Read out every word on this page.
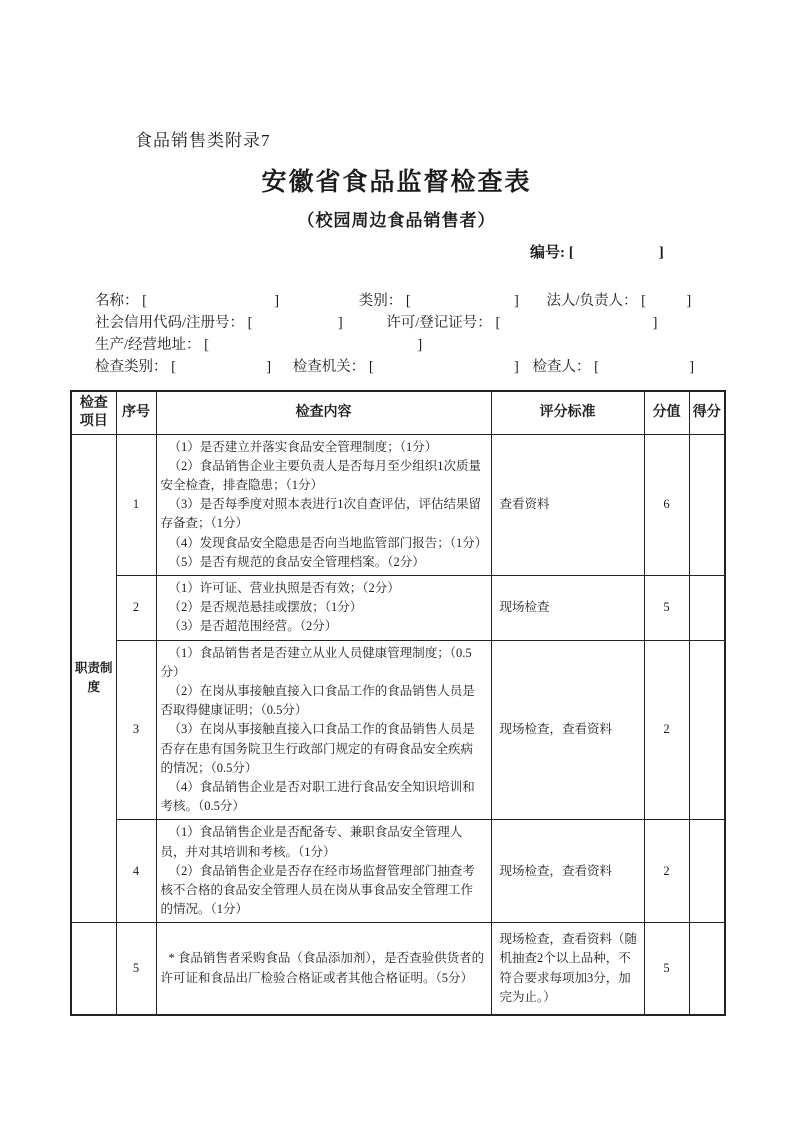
食品销售类附录7
安徽省食品监督检查表
（校园周边食品销售者）
编号: [	]
名称： [	]	类别： [	] 法人/负责人： [	]
社会信用代码/注册号： [	]	许可/登记证号： [	]
生产/经营地址： [	]
检查类别： [	] 检查机关： [	] 检查人： [	]
检查项目	序号	检查内容	评分标准	分值	得分
职责制度	1	（1）是否建立并落实食品安全管理制度；（1分）
（2）食品销售企业主要负责人是否每月至少组织1次质量安全检查，排查隐患；（1分）
（3）是否每季度对照本表进行1次自查评估，评估结果留存备查；（1分）
（4）发现食品安全隐患是否向当地监管部门报告；（1分）
（5）是否有规范的食品安全管理档案。（2分）	查看资料	6	
	2	（1）许可证、营业执照是否有效；（2分）
（2）是否规范悬挂或摆放；（1分）
（3）是否超范围经营。（2分）	现场检查	5	
	3	（1）食品销售者是否建立从业人员健康管理制度；（0.5分）
（2）在岗从事接触直接入口食品工作的食品销售人员是否取得健康证明；（0.5分）
（3）在岗从事接触直接入口食品工作的食品销售人员是否存在患有国务院卫生行政部门规定的有碍食品安全疾病的情况；（0.5分）
（4）食品销售企业是否对职工进行食品安全知识培训和考核。（0.5分）	现场检查，查看资料	2	
	4	（1）食品销售企业是否配备专、兼职食品安全管理人员，并对其培训和考核。（1分）
（2）食品销售企业是否存在经市场监督管理部门抽查考核不合格的食品安全管理人员在岗从事食品安全管理工作的情况。（1分）	现场检查，查看资料	2	
	5	* 食品销售者采购食品（食品添加剂），是否查验供货者的许可证和食品出厂检验合格证或者其他合格证明。（5分）	现场检查，查看资料（随机抽查2个以上品种，不符合要求每项加3分，加完为止。）	5	
